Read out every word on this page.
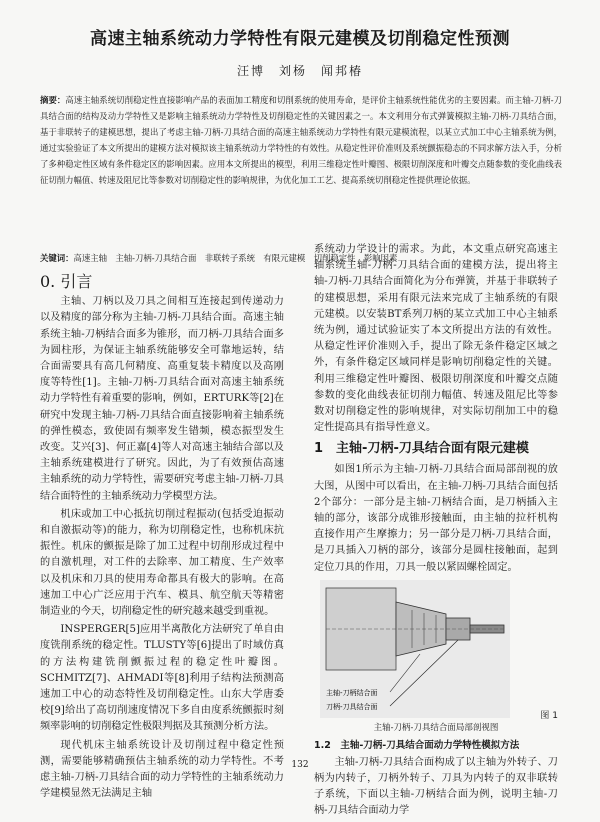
高速主轴系统动力学特性有限元建模及切削稳定性预测
汪博　刘杨　闻邦椿
摘要：高速主轴系统切削稳定性直接影响产品的表面加工精度和切削系统的使用寿命，是评价主轴系统性能优劣的主要因素。而主轴-刀柄-刀具结合面的结构及动力学特性又是影响主轴系统动力学特性及切削稳定性的关键因素之一。本文利用分布式弹簧模拟主轴-刀柄-刀具结合面，基于非联转子的建模思想，提出了考虑主轴-刀柄-刀具结合面的高速主轴系统动力学特性有限元建模流程，以某立式加工中心主轴系统为例，通过实验验证了本文所提出的建模方法对模拟该主轴系统动力学特性的有效性。从稳定性评价准则及系统颤振稳态的不同求解方法入手，分析了多种稳定性区域有条件稳定区的影响因素。应用本文所提出的模型，利用三维稳定性叶瓣图、极限切削深度和叶瓣交点随参数的变化曲线表征切削力幅值、转速及阻尼比等参数对切削稳定性的影响规律，为优化加工工艺、提高系统切削稳定性提供理论依据。
关键词：高速主轴　主轴-刀柄-刀具结合面　非联转子系统　有限元建模　切削稳定性　影响因素
0. 引言

主轴、刀柄以及刀具之间相互连接起到传递动力以及精度的部分称为主轴-刀柄-刀具结合面。高速主轴系统主轴-刀柄结合面多为锥形，而刀柄-刀具结合面多为圆柱形，为保证主轴系统能够安全可靠地运转，结合面需要具有高几何精度、高重复装卡精度以及高刚度等特性[1]。主轴-刀柄-刀具结合面对高速主轴系统动力学特性有着重要的影响，例如，ERTURK等[2]在研究中发现主轴-刀柄-刀具结合面直接影响着主轴系统的弹性模态，致使固有频率发生错频，模态振型发生改变。艾兴[3]、何正嘉[4]等人对高速主轴结合部以及主轴系统建模进行了研究。因此，为了有效预估高速主轴系统的动力学特性，需要研究考虑主轴-刀柄-刀具结合面特性的主轴系统动力学模型方法。

机床或加工中心抵抗切削过程振动(包括受迫振动和自激振动等)的能力，称为切削稳定性，也称机床抗振性。机床的颤振是除了加工过程中切削形成过程中的自激机理，对工件的去除率、加工精度、生产效率以及机床和刀具的使用寿命都具有极大的影响。在高速加工中心广泛应用于汽车、模具、航空航天等精密制造业的今天，切削稳定性的研究越来越受到重视。

INSPERGER[5]应用半离散化方法研究了单自由度铣削系统的稳定性。TLUSTY等[6]提出了时域仿真的方法构建铣削颤振过程的稳定性叶瓣图。SCHMITZ[7]、AHMADI等[8]利用子结构法预测高速加工中心的动态特性及切削稳定性。山东大学唐委校[9]给出了高切削速度情况下多自由度系统颤振时刻频率影响的切削稳定性极限判据及其预测分析方法。

现代机床主轴系统设计及切削过程中稳定性预测，需要能够精确预估主轴系统的动力学特性。不考虑主轴-刀柄-刀具结合面的动力学特性的主轴系统动力学建模显然无法满足主轴

系统动力学设计的需求。为此，本文重点研究高速主轴系统主轴-刀柄-刀具结合面的建模方法，提出将主轴-刀柄-刀具结合面简化为分布弹簧，并基于非联转子的建模思想，采用有限元法来完成了主轴系统的有限元建模。以安装BT系列刀柄的某立式加工中心主轴系统为例，通过试验证实了本文所提出方法的有效性。从稳定性评价准则入手，提出了除无条件稳定区域之外，有条件稳定区域同样是影响切削稳定性的关键。利用三维稳定性叶瓣图、极限切削深度和叶瓣交点随参数的变化曲线表征切削力幅值、转速及阻尼比等参数对切削稳定性的影响规律，对实际切削加工中的稳定性提高具有指导性意义。

1　主轴-刀柄-刀具结合面有限元建模

如图1所示为主轴-刀柄-刀具结合面局部剖视的放大图，从图中可以看出，在主轴-刀柄-刀具结合面包括2个部分：一部分是主轴-刀柄结合面，是刀柄插入主轴的部分，该部分成锥形接触面，由主轴的拉杆机构直接作用产生摩擦力；另一部分是刀柄-刀具结合面，是刀具插入刀柄的部分，该部分是圆柱接触面，起到定位刀具的作用，刀具一般以紧固螺栓固定。

主轴-刀柄结合面
刀柄-刀具结合面
图 1
主轴-刀柄-刀具结合面局部剖视图
1.2　主轴-刀柄-刀具结合面动力学特性模拟方法

主轴-刀柄-刀具结合面构成了以主轴为外转子、刀柄为内转子，刀柄外转子、刀具为内转子的双非联转子系统，下面以主轴-刀柄结合面为例，说明主轴-刀柄-刀具结合面动力学

132
